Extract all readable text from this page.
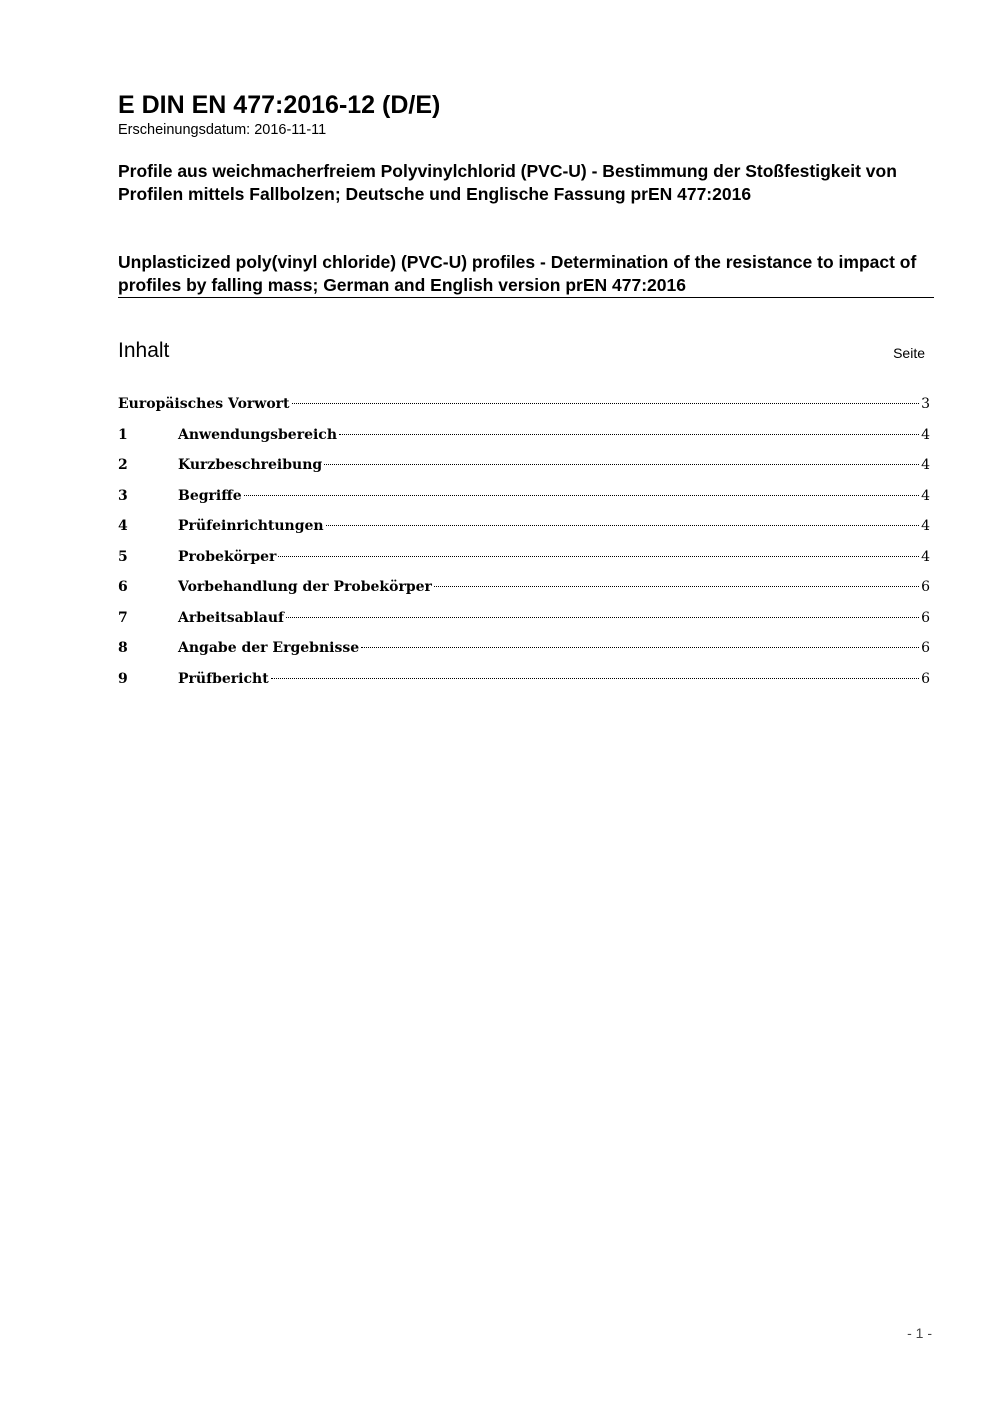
E DIN EN 477:2016-12 (D/E)
Erscheinungsdatum: 2016-11-11
Profile aus weichmacherfreiem Polyvinylchlorid (PVC-U) - Bestimmung der Stoßfestigkeit von Profilen mittels Fallbolzen; Deutsche und Englische Fassung prEN 477:2016
Unplasticized poly(vinyl chloride) (PVC-U) profiles - Determination of the resistance to impact of profiles by falling mass; German and English version prEN 477:2016
Inhalt	Seite
Europäisches Vorwort	3
1	Anwendungsbereich	4
2	Kurzbeschreibung	4
3	Begriffe	4
4	Prüfeinrichtungen	4
5	Probekörper	4
6	Vorbehandlung der Probekörper	6
7	Arbeitsablauf	6
8	Angabe der Ergebnisse	6
9	Prüfbericht	6
- 1 -
